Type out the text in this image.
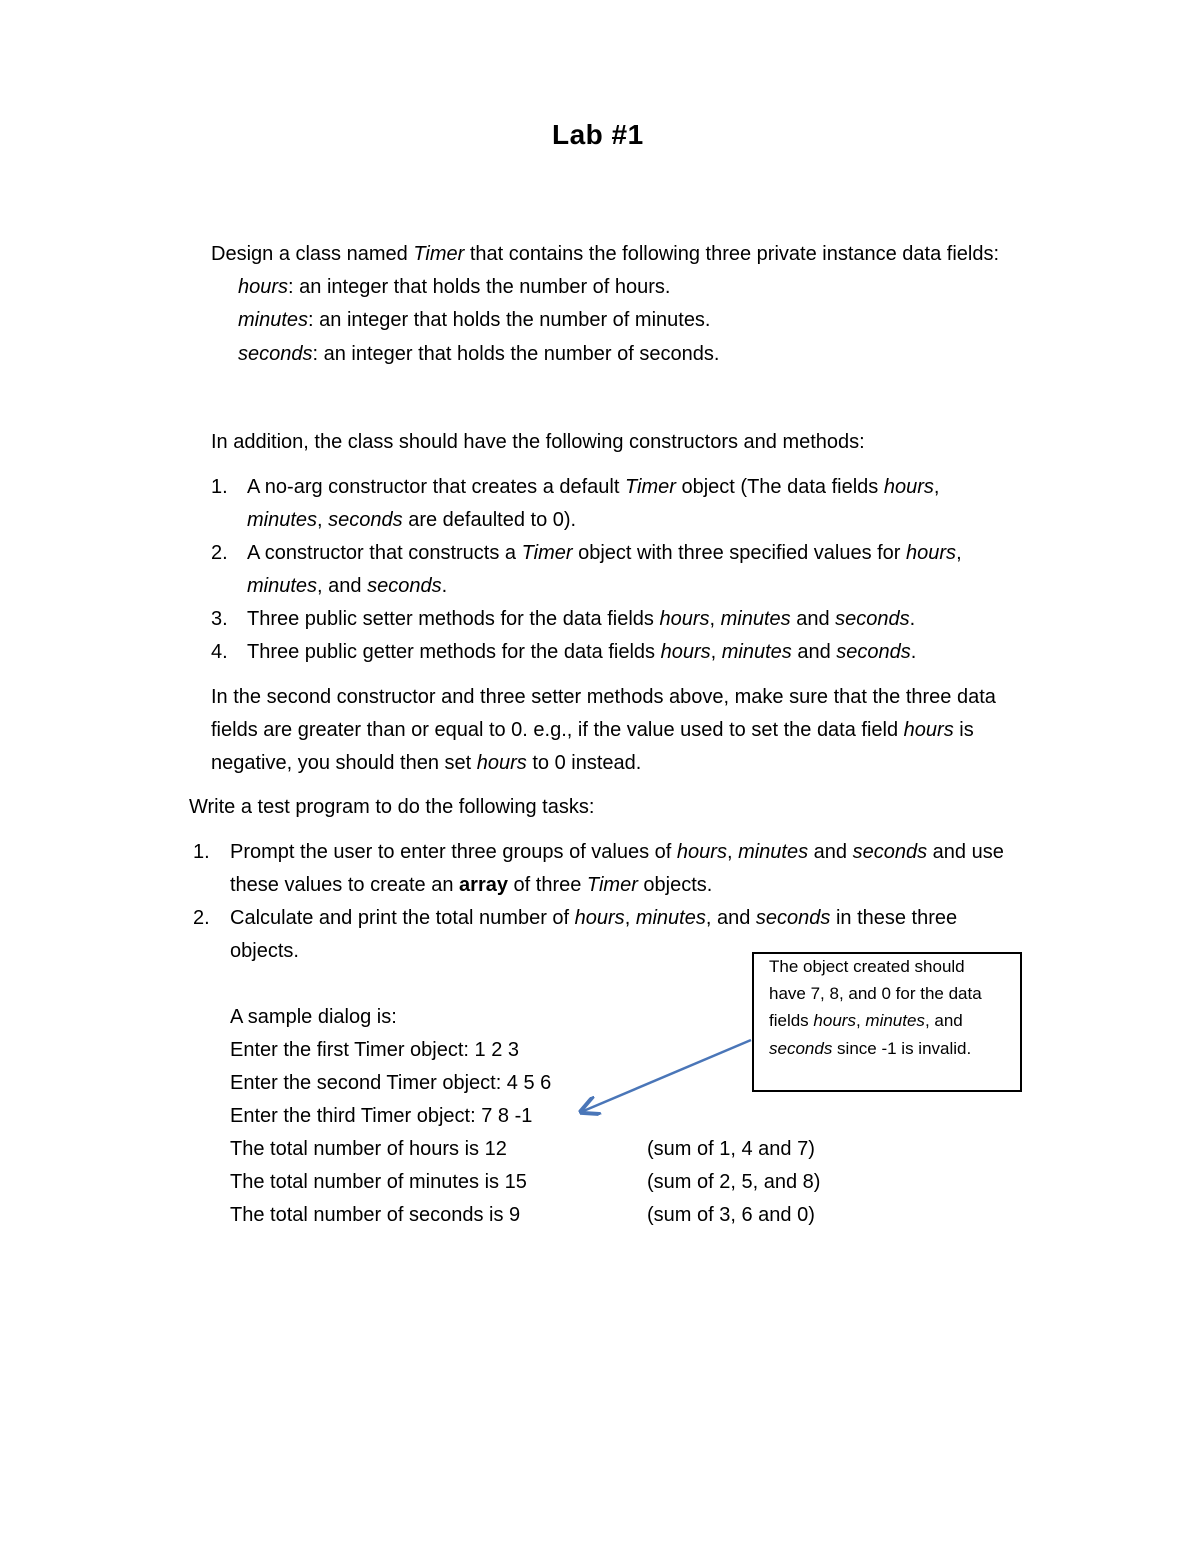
Lab #1
Design a class named Timer that contains the following three private instance data fields:
hours: an integer that holds the number of hours.
minutes: an integer that holds the number of minutes.
seconds: an integer that holds the number of seconds.
In addition, the class should have the following constructors and methods:
1. A no-arg constructor that creates a default Timer object (The data fields hours,
minutes, seconds are defaulted to 0).
2. A constructor that constructs a Timer object with three specified values for hours,
minutes, and seconds.
3. Three public setter methods for the data fields hours, minutes and seconds.
4. Three public getter methods for the data fields hours, minutes and seconds.
In the second constructor and three setter methods above, make sure that the three data
fields are greater than or equal to 0. e.g., if the value used to set the data field hours is
negative, you should then set hours to 0 instead.
Write a test program to do the following tasks:
1. Prompt the user to enter three groups of values of hours, minutes and seconds and use
these values to create an array of three Timer objects.
2. Calculate and print the total number of hours, minutes, and seconds in these three
objects.
A sample dialog is:
Enter the first Timer object: 1 2 3
Enter the second Timer object: 4 5 6
Enter the third Timer object: 7 8 -1
The total number of hours is 12	(sum of 1, 4 and 7)
The total number of minutes is 15	(sum of 2, 5, and 8)
The total number of seconds is 9	(sum of 3, 6 and 0)
The object created should
have 7, 8, and 0 for the data
fields hours, minutes, and
seconds since -1 is invalid.
